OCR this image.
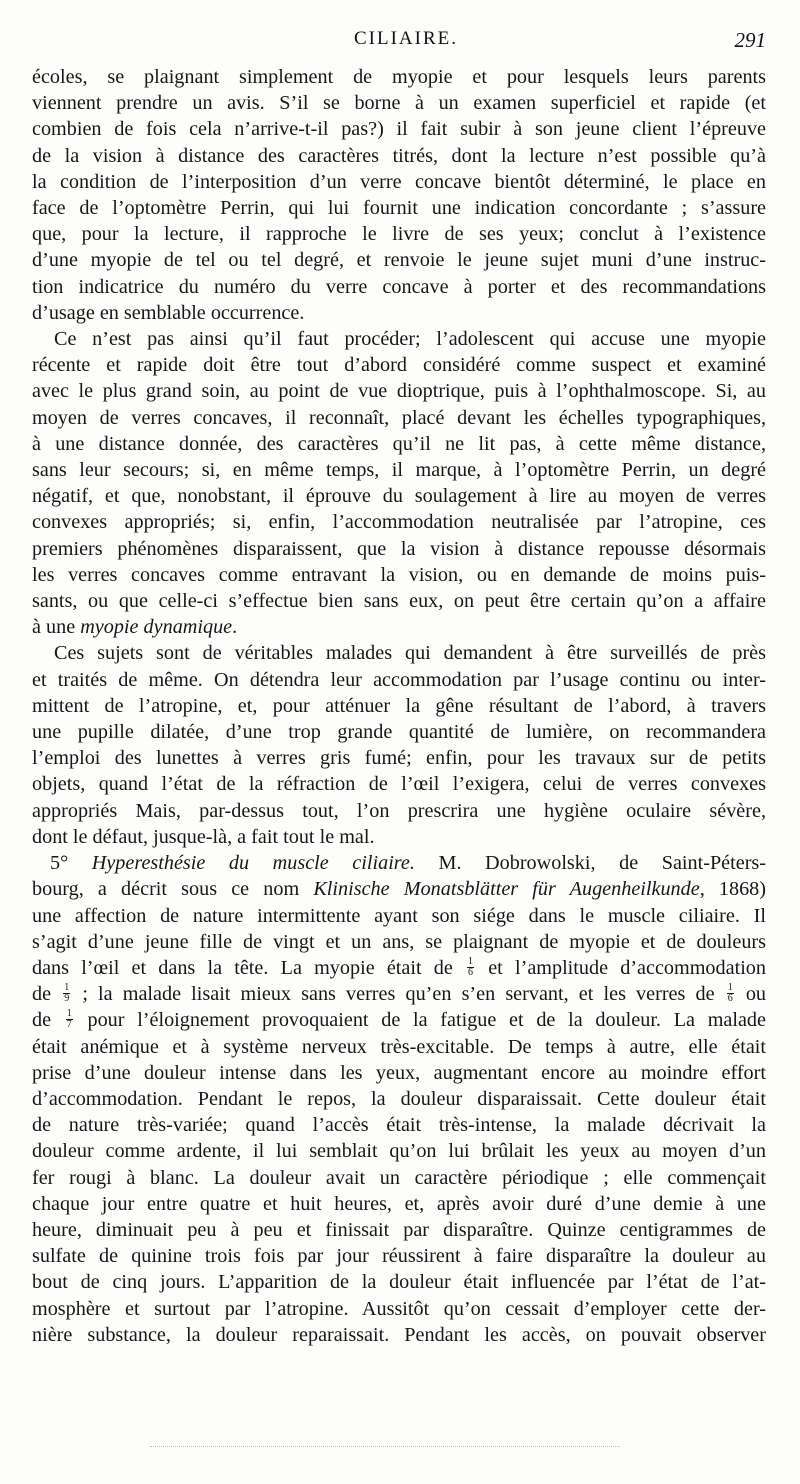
CILIAIRE.	291
écoles, se plaignant simplement de myopie et pour lesquels leurs parents
viennent prendre un avis. S’il se borne à un examen superficiel et rapide (et
combien de fois cela n’arrive-t-il pas?) il fait subir à son jeune client l’épreuve
de la vision à distance des caractères titrés, dont la lecture n’est possible qu’à
la condition de l’interposition d’un verre concave bientôt déterminé, le place en
face de l’optomètre Perrin, qui lui fournit une indication concordante ; s’assure
que, pour la lecture, il rapproche le livre de ses yeux; conclut à l’existence
d’une myopie de tel ou tel degré, et renvoie le jeune sujet muni d’une instruc-
tion indicatrice du numéro du verre concave à porter et des recommandations
d’usage en semblable occurrence.
Ce n’est pas ainsi qu’il faut procéder; l’adolescent qui accuse une myopie
récente et rapide doit être tout d’abord considéré comme suspect et examiné
avec le plus grand soin, au point de vue dioptrique, puis à l’ophthalmoscope. Si, au
moyen de verres concaves, il reconnaît, placé devant les échelles typographiques,
à une distance donnée, des caractères qu’il ne lit pas, à cette même distance,
sans leur secours; si, en même temps, il marque, à l’optomètre Perrin, un degré
négatif, et que, nonobstant, il éprouve du soulagement à lire au moyen de verres
convexes appropriés; si, enfin, l’accommodation neutralisée par l’atropine, ces
premiers phénomènes disparaissent, que la vision à distance repousse désormais
les verres concaves comme entravant la vision, ou en demande de moins puis-
sants, ou que celle-ci s’effectue bien sans eux, on peut être certain qu’on a affaire
à une myopie dynamique.
Ces sujets sont de véritables malades qui demandent à être surveillés de près
et traités de même. On détendra leur accommodation par l’usage continu ou inter-
mittent de l’atropine, et, pour atténuer la gêne résultant de l’abord, à travers
une pupille dilatée, d’une trop grande quantité de lumière, on recommandera
l’emploi des lunettes à verres gris fumé; enfin, pour les travaux sur de petits
objets, quand l’état de la réfraction de l’œil l’exigera, celui de verres convexes
appropriés Mais, par-dessus tout, l’on prescrira une hygiène oculaire sévère,
dont le défaut, jusque-là, a fait tout le mal.
5° Hyperesthésie du muscle ciliaire. M. Dobrowolski, de Saint-Péters-
bourg, a décrit sous ce nom Klinische Monatsblätter für Augenheilkunde, 1868)
une affection de nature intermittente ayant son siége dans le muscle ciliaire. Il
s’agit d’une jeune fille de vingt et un ans, se plaignant de myopie et de douleurs
dans l’œil et dans la tête. La myopie était de $\frac{1}{6}$ et l’amplitude d’accommodation
de $\frac{1}{9}$ ; la malade lisait mieux sans verres qu’en s’en servant, et les verres de $\frac{1}{6}$ ou
de $\frac{1}{7}$ pour l’éloignement provoquaient de la fatigue et de la douleur. La malade
était anémique et à système nerveux très-excitable. De temps à autre, elle était
prise d’une douleur intense dans les yeux, augmentant encore au moindre effort
d’accommodation. Pendant le repos, la douleur disparaissait. Cette douleur était
de nature très-variée; quand l’accès était très-intense, la malade décrivait la
douleur comme ardente, il lui semblait qu’on lui brûlait les yeux au moyen d’un
fer rougi à blanc. La douleur avait un caractère périodique ; elle commençait
chaque jour entre quatre et huit heures, et, après avoir duré d’une demie à une
heure, diminuait peu à peu et finissait par disparaître. Quinze centigrammes de
sulfate de quinine trois fois par jour réussirent à faire disparaître la douleur au
bout de cinq jours. L’apparition de la douleur était influencée par l’état de l’at-
mosphère et surtout par l’atropine. Aussitôt qu’on cessait d’employer cette der-
nière substance, la douleur reparaissait. Pendant les accès, on pouvait observer
